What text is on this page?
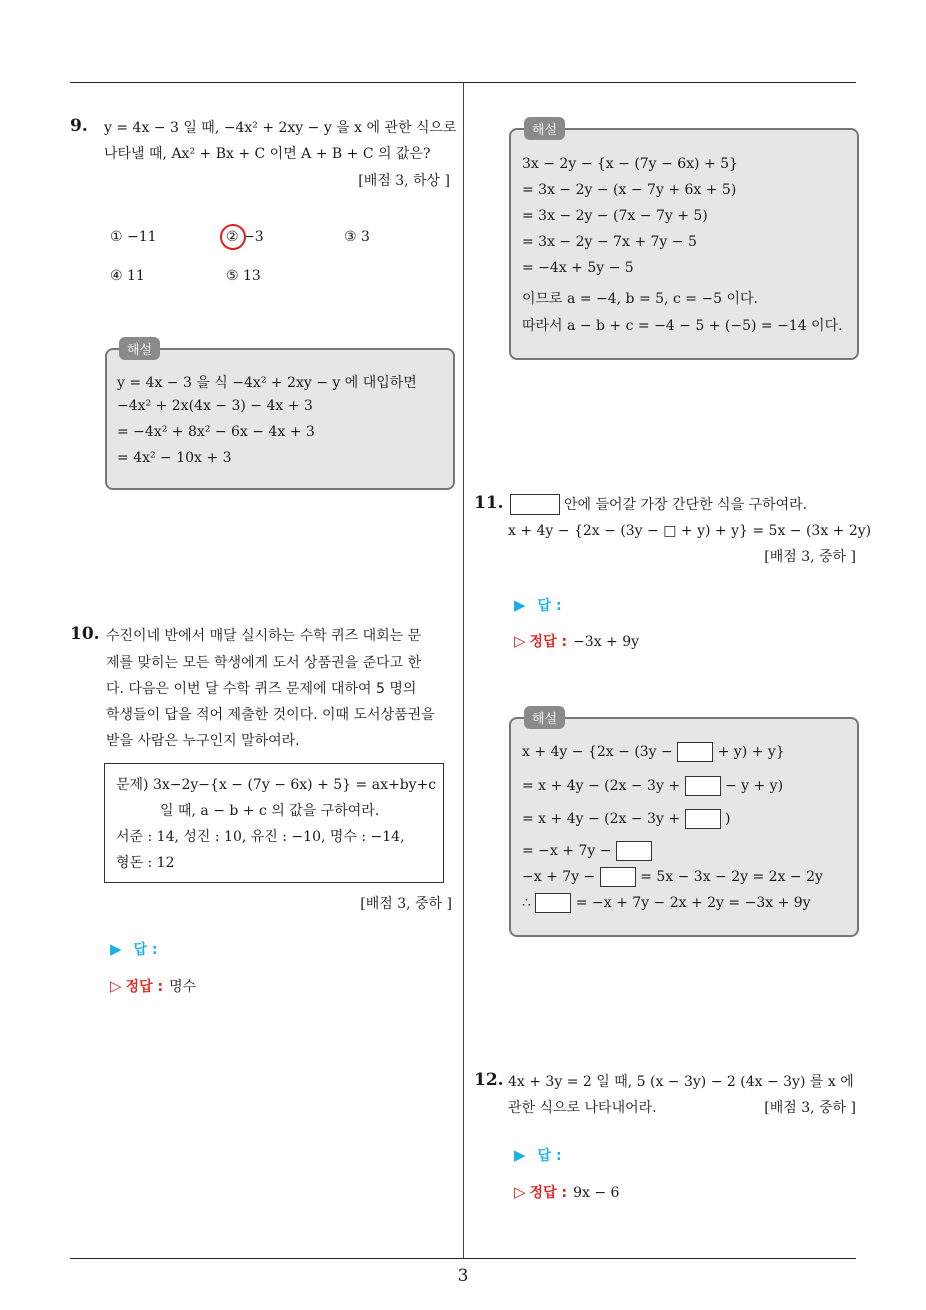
3
9. y = 4x − 3 일 때, −4x² + 2xy − y 을 x 에 관한 식으로
나타낼 때, Ax² + Bx + C 이면 A + B + C 의 값은?
[배점 3, 하상 ]
① −11	② −3	③ 3
④ 11	⑤ 13
해설
y = 4x − 3 을 식 −4x² + 2xy − y 에 대입하면
−4x² + 2x(4x − 3) − 4x + 3
= −4x² + 8x² − 6x − 4x + 3
= 4x² − 10x + 3
10. 수진이네 반에서 매달 실시하는 수학 퀴즈 대회는 문
제를 맞히는 모든 학생에게 도서 상품권을 준다고 한
다. 다음은 이번 달 수학 퀴즈 문제에 대하여 5 명의
학생들이 답을 적어 제출한 것이다. 이때 도서상품권을
받을 사람은 누구인지 말하여라.
문제) 3x−2y−{x − (7y − 6x) + 5} = ax+by+c
일 때, a − b + c 의 값을 구하여라.
서준 : 14, 성진 : 10, 유진 : −10, 명수 : −14,
형돈 : 12
[배점 3, 중하 ]
▶ 답 :
▷ 정답 : 명수
해설
3x − 2y − {x − (7y − 6x) + 5}
= 3x − 2y − (x − 7y + 6x + 5)
= 3x − 2y − (7x − 7y + 5)
= 3x − 2y − 7x + 7y − 5
= −4x + 5y − 5
이므로 a = −4, b = 5, c = −5 이다.
따라서 a − b + c = −4 − 5 + (−5) = −14 이다.
11.	안에 들어갈 가장 간단한 식을 구하여라.
x + 4y − {2x − (3y − □ + y) + y} = 5x − (3x + 2y)
[배점 3, 중하 ]
▶ 답 :
▷ 정답 : −3x + 9y
해설
x + 4y − {2x − (3y −	+ y) + y}
= x + 4y − (2x − 3y +	− y + y)
= x + 4y − (2x − 3y +	)
= −x + 7y −
−x + 7y −	= 5x − 3x − 2y = 2x − 2y
∴	= −x + 7y − 2x + 2y = −3x + 9y
12. 4x + 3y = 2 일 때, 5 (x − 3y) − 2 (4x − 3y) 를 x 에
관한 식으로 나타내어라.	[배점 3, 중하 ]
▶ 답 :
▷ 정답 : 9x − 6
